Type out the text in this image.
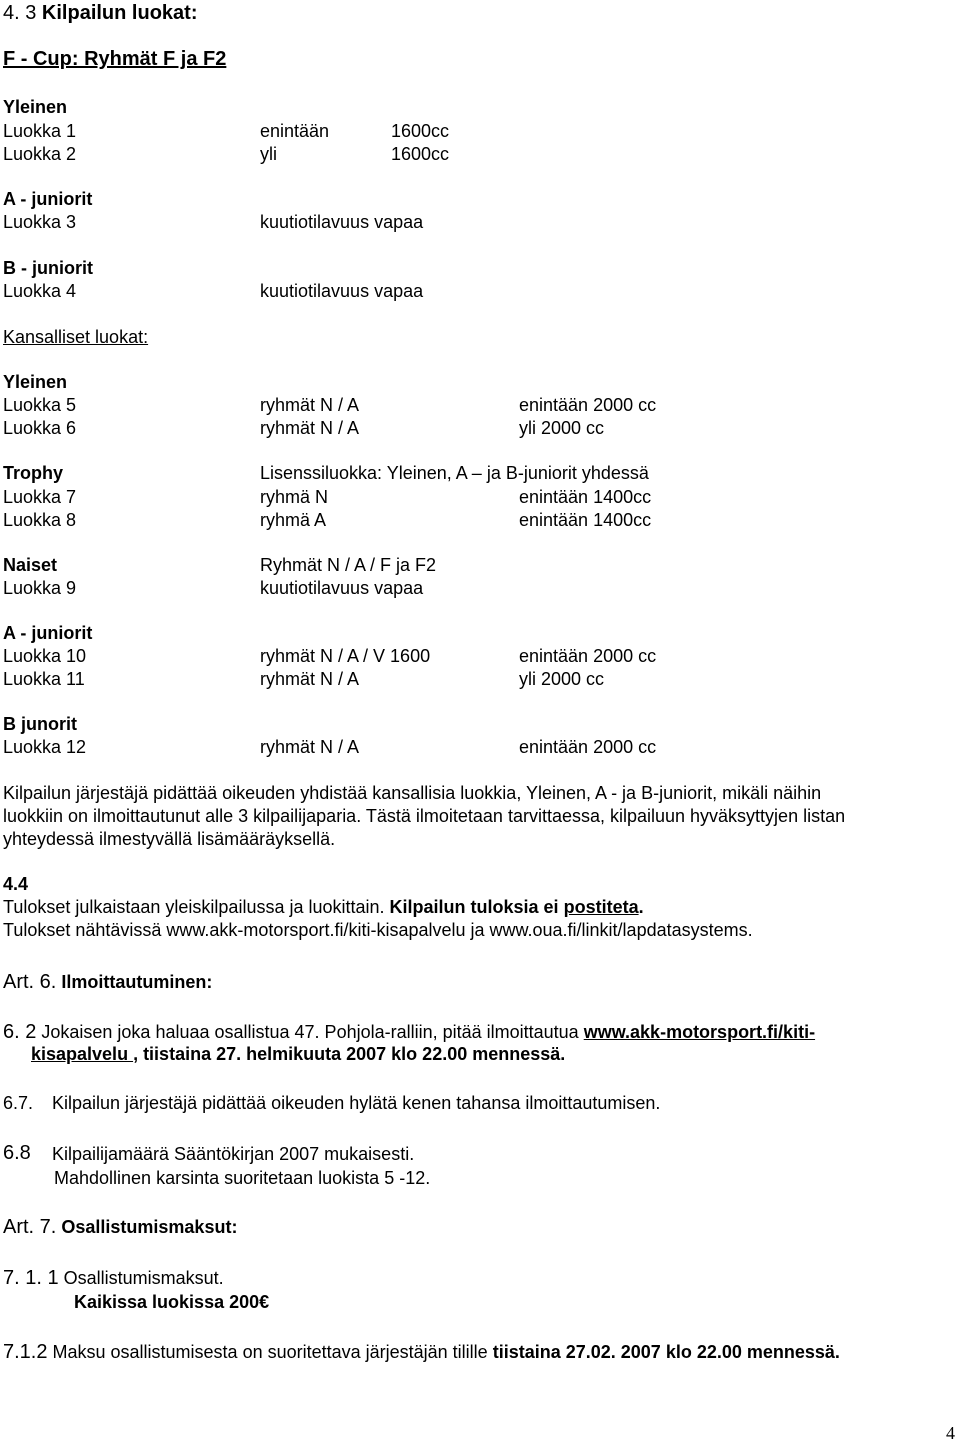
4. 3 Kilpailun luokat:
F - Cup: Ryhmät F ja F2
Yleinen
Luokka 1	enintään	1600cc
Luokka 2	yli	1600cc
A - juniorit
Luokka 3	kuutiotilavuus vapaa
B - juniorit
Luokka 4	kuutiotilavuus vapaa
Kansalliset luokat:
Yleinen
Luokka 5	ryhmät N / A	enintään 2000 cc
Luokka 6	ryhmät N / A	yli 2000 cc
Trophy	Lisenssiluokka: Yleinen, A – ja B-juniorit yhdessä
Luokka 7	ryhmä N	enintään 1400cc
Luokka 8	ryhmä A	enintään 1400cc
Naiset	Ryhmät N / A / F ja F2
Luokka 9	kuutiotilavuus vapaa
A - juniorit
Luokka 10	ryhmät N / A / V 1600	enintään 2000 cc
Luokka 11	ryhmät N / A	yli 2000 cc
B junorit
Luokka 12	ryhmät N / A	enintään 2000 cc
Kilpailun järjestäjä pidättää oikeuden yhdistää kansallisia luokkia, Yleinen, A - ja B-juniorit, mikäli näihin
luokkiin on ilmoittautunut alle 3 kilpailijaparia. Tästä ilmoitetaan tarvittaessa, kilpailuun hyväksyttyjen listan
yhteydessä ilmestyvällä lisämääräyksellä.
4.4
Tulokset julkaistaan yleiskilpailussa ja luokittain. Kilpailun tuloksia ei postiteta.
Tulokset nähtävissä www.akk-motorsport.fi/kiti-kisapalvelu ja www.oua.fi/linkit/lapdatasystems.
Art. 6. Ilmoittautuminen:
6. 2 Jokaisen joka haluaa osallistua 47. Pohjola-ralliin, pitää ilmoittautua www.akk-motorsport.fi/kiti-
kisapalvelu , tiistaina 27. helmikuuta 2007 klo 22.00 mennessä.
6.7. Kilpailun järjestäjä pidättää oikeuden hylätä kenen tahansa ilmoittautumisen.
6.8 Kilpailijamäärä Sääntökirjan 2007 mukaisesti.
Mahdollinen karsinta suoritetaan luokista 5 -12.
Art. 7. Osallistumismaksut:
7. 1. 1 Osallistumismaksut.
Kaikissa luokissa 200€
7.1.2 Maksu osallistumisesta on suoritettava järjestäjän tilille tiistaina 27.02. 2007 klo 22.00 mennessä.
4
